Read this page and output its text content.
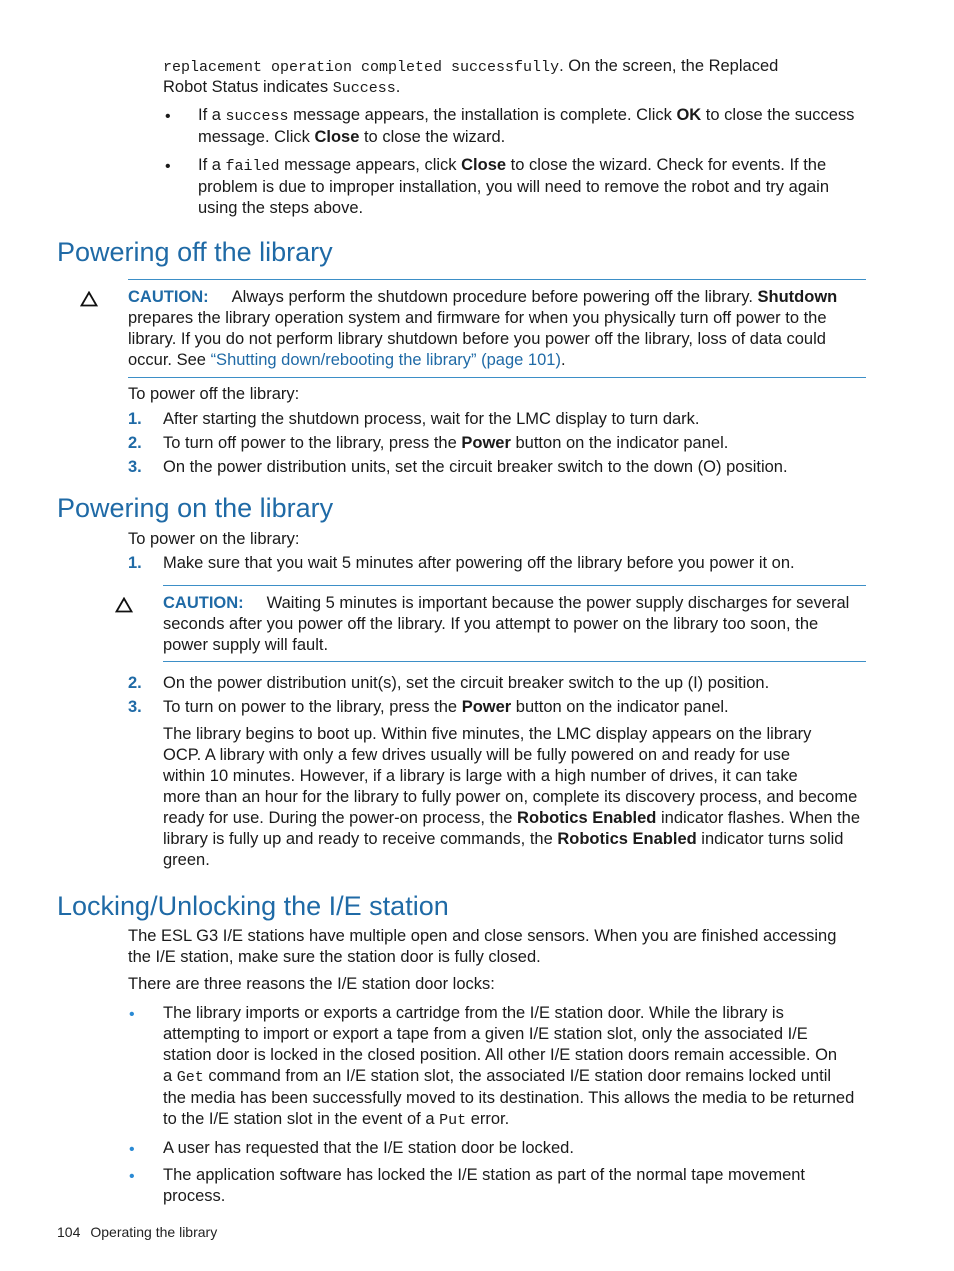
replacement operation completed successfully. On the screen, the Replaced
Robot Status indicates Success.
• If a success message appears, the installation is complete. Click OK to close the success
message. Click Close to close the wizard.
• If a failed message appears, click Close to close the wizard. Check for events. If the
problem is due to improper installation, you will need to remove the robot and try again
using the steps above.
Powering off the library
CAUTION: Always perform the shutdown procedure before powering off the library. Shutdown
prepares the library operation system and firmware for when you physically turn off power to the
library. If you do not perform library shutdown before you power off the library, loss of data could
occur. See “Shutting down/rebooting the library” (page 101).
To power off the library:
1. After starting the shutdown process, wait for the LMC display to turn dark.
2. To turn off power to the library, press the Power button on the indicator panel.
3. On the power distribution units, set the circuit breaker switch to the down (O) position.
Powering on the library
To power on the library:
1. Make sure that you wait 5 minutes after powering off the library before you power it on.
CAUTION: Waiting 5 minutes is important because the power supply discharges for several
seconds after you power off the library. If you attempt to power on the library too soon, the
power supply will fault.
2. On the power distribution unit(s), set the circuit breaker switch to the up (I) position.
3. To turn on power to the library, press the Power button on the indicator panel.
The library begins to boot up. Within five minutes, the LMC display appears on the library
OCP. A library with only a few drives usually will be fully powered on and ready for use
within 10 minutes. However, if a library is large with a high number of drives, it can take
more than an hour for the library to fully power on, complete its discovery process, and become
ready for use. During the power-on process, the Robotics Enabled indicator flashes. When the
library is fully up and ready to receive commands, the Robotics Enabled indicator turns solid
green.
Locking/Unlocking the I/E station
The ESL G3 I/E stations have multiple open and close sensors. When you are finished accessing
the I/E station, make sure the station door is fully closed.
There are three reasons the I/E station door locks:
• The library imports or exports a cartridge from the I/E station door. While the library is
attempting to import or export a tape from a given I/E station slot, only the associated I/E
station door is locked in the closed position. All other I/E station doors remain accessible. On
a Get command from an I/E station slot, the associated I/E station door remains locked until
the media has been successfully moved to its destination. This allows the media to be returned
to the I/E station slot in the event of a Put error.
• A user has requested that the I/E station door be locked.
• The application software has locked the I/E station as part of the normal tape movement
process.
104 Operating the library
